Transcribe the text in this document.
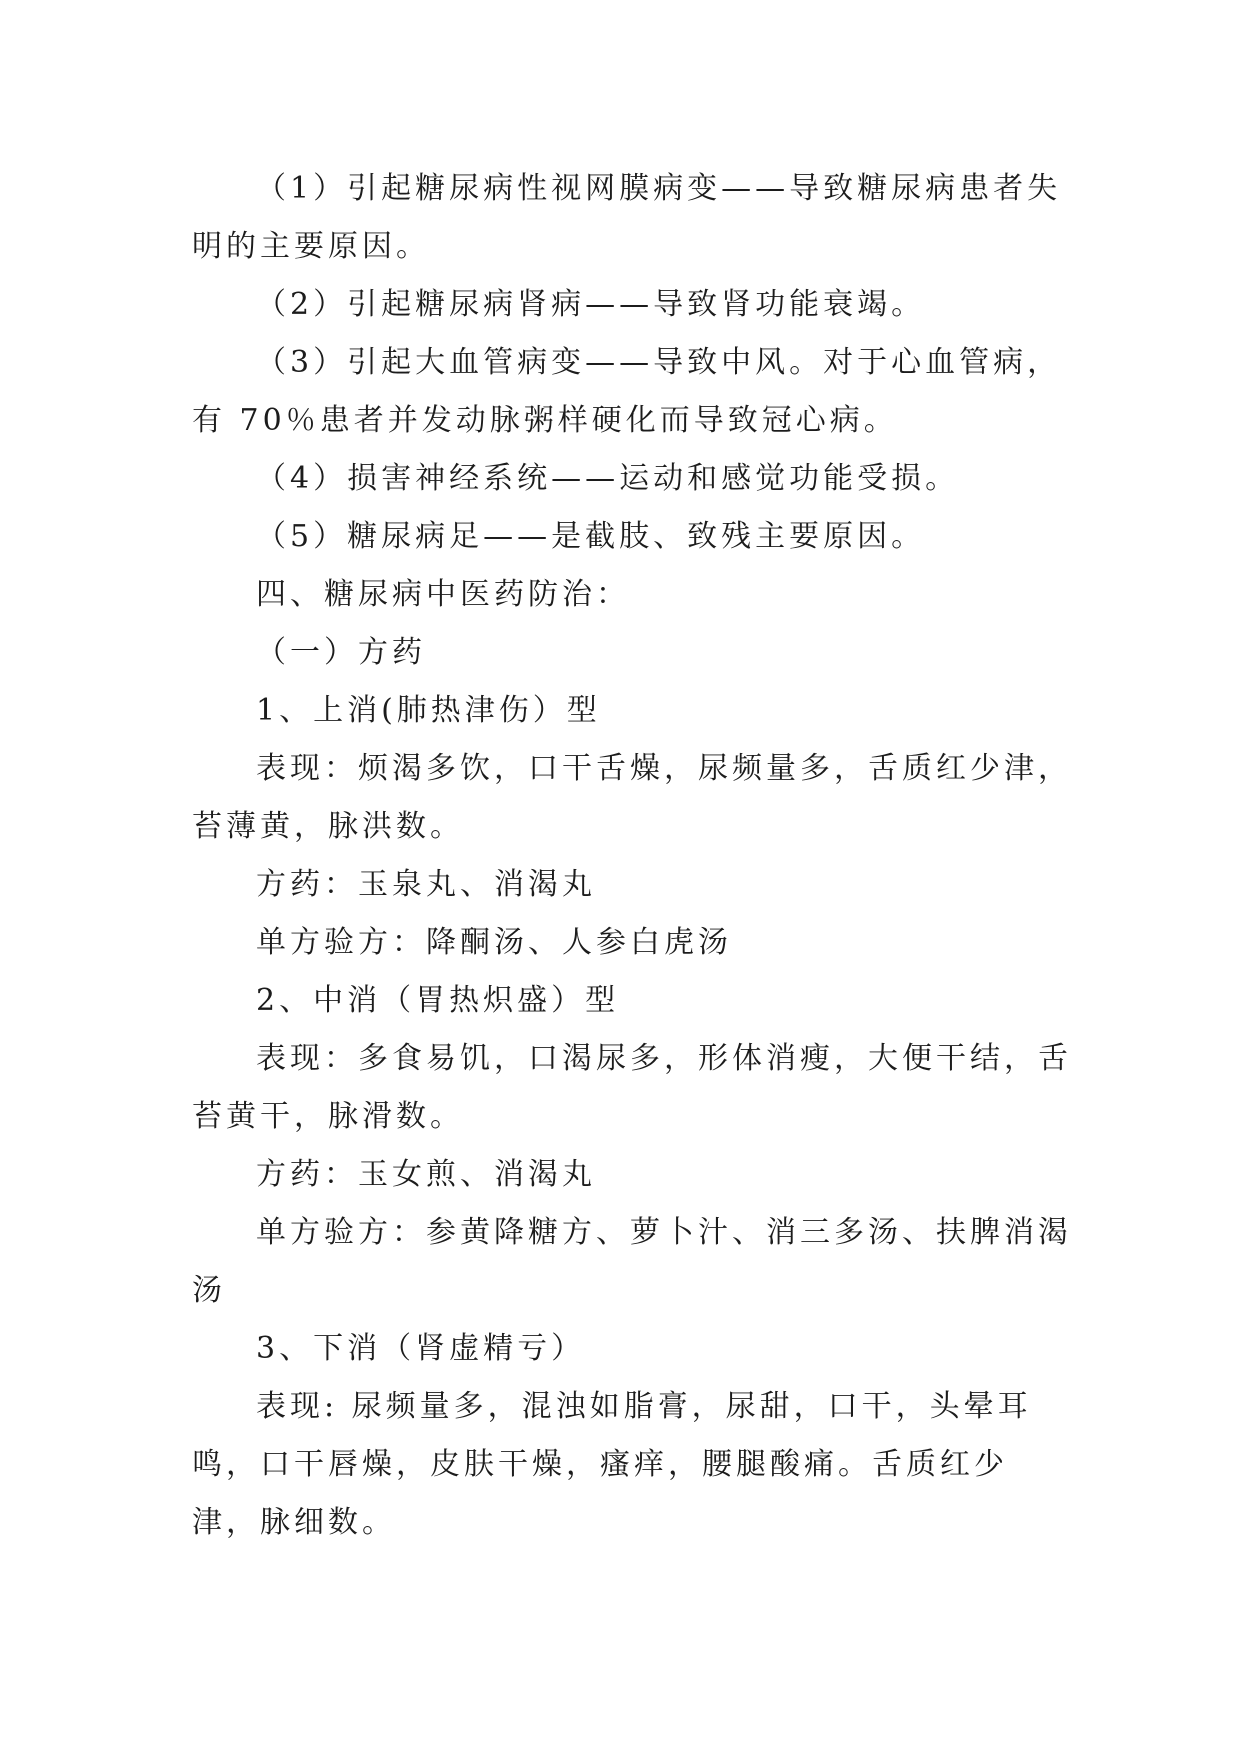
（1）引起糖尿病性视网膜病变——导致糖尿病患者失明的主要原因。

（2）引起糖尿病肾病——导致肾功能衰竭。

（3）引起大血管病变——导致中风。对于心血管病，有 70％患者并发动脉粥样硬化而导致冠心病。

（4）损害神经系统——运动和感觉功能受损。

（5）糖尿病足——是截肢、致残主要原因。

四、糖尿病中医药防治：

（一）方药

1、上消(肺热津伤）型

表现：烦渴多饮，口干舌燥，尿频量多，舌质红少津，苔薄黄，脉洪数。

方药：玉泉丸、消渴丸

单方验方：降酮汤、人参白虎汤

2、中消（胃热炽盛）型

表现：多食易饥，口渴尿多，形体消瘦，大便干结，舌苔黄干，脉滑数。

方药：玉女煎、消渴丸

单方验方：参黄降糖方、萝卜汁、消三多汤、扶脾消渴汤

3、下消（肾虚精亏）

表现: 尿频量多，混浊如脂膏，尿甜，口干，头晕耳鸣，口干唇燥，皮肤干燥，瘙痒，腰腿酸痛。舌质红少津，脉细数。
